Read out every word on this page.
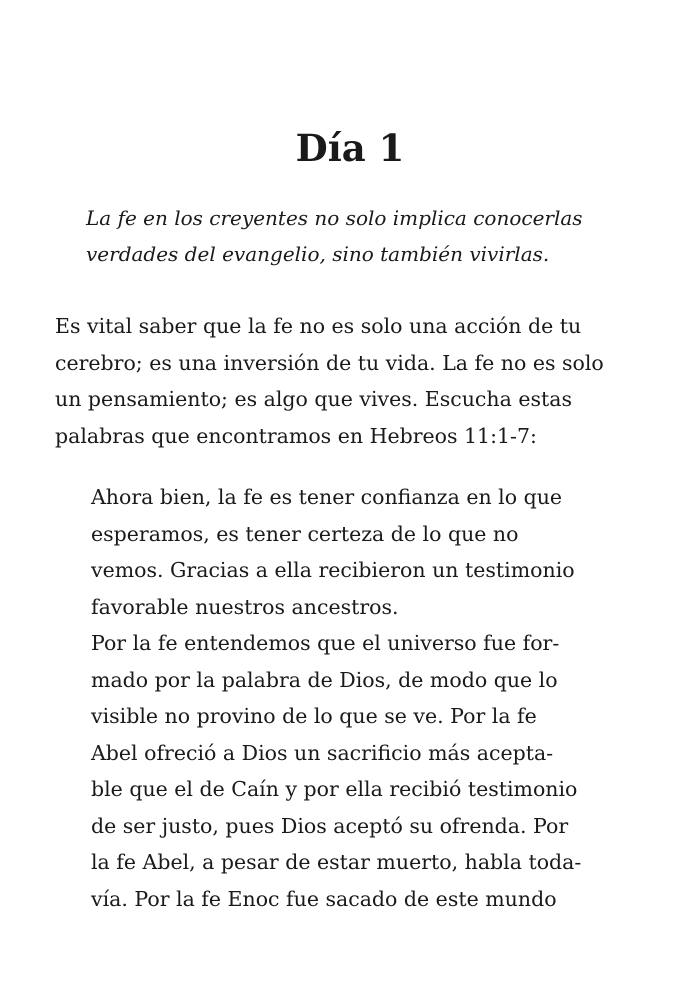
Día 1

La fe en los creyentes no solo implica conocerlas
verdades del evangelio, sino también vivirlas.

Es vital saber que la fe no es solo una acción de tu
cerebro; es una inversión de tu vida. La fe no es solo
un pensamiento; es algo que vives. Escucha estas
palabras que encontramos en Hebreos 11:1-7:

Ahora bien, la fe es tener confianza en lo que
esperamos, es tener certeza de lo que no
vemos. Gracias a ella recibieron un testimonio
favorable nuestros ancestros.
Por la fe entendemos que el universo fue for-
mado por la palabra de Dios, de modo que lo
visible no provino de lo que se ve. Por la fe
Abel ofreció a Dios un sacrificio más acepta-
ble que el de Caín y por ella recibió testimonio
de ser justo, pues Dios aceptó su ofrenda. Por
la fe Abel, a pesar de estar muerto, habla toda-
vía. Por la fe Enoc fue sacado de este mundo
